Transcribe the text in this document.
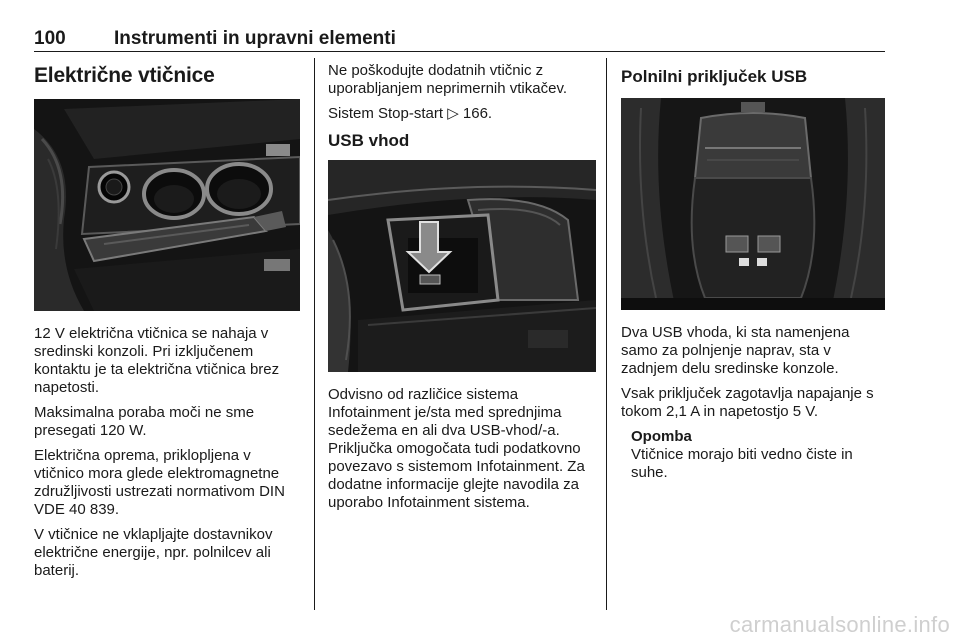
100	Instrumenti in upravni elementi
Električne vtičnice

12 V električna vtičnica se nahaja v sredinski konzoli. Pri izključenem kontaktu je ta električna vtičnica brez napetosti.

Maksimalna poraba moči ne sme presegati 120 W.

Električna oprema, priklopljena v vtičnico mora glede elektromagnetne združljivosti ustrezati normativom DIN VDE 40 839.

V vtičnice ne vklapljajte dostavnikov električne energije, npr. polnilcev ali baterij.

Ne poškodujte dodatnih vtičnic z uporabljanjem neprimernih vtikačev.

Sistem Stop-start ▷ 166.

USB vhod

Odvisno od različice sistema Infotainment je/sta med sprednjima sedežema en ali dva USB-vhod/-a. Priključka omogočata tudi podatkovno povezavo s sistemom Infotainment. Za dodatne informacije glejte navodila za uporabo Infotainment sistema.

Polnilni priključek USB

Dva USB vhoda, ki sta namenjena samo za polnjenje naprav, sta v zadnjem delu sredinske konzole.

Vsak priključek zagotavlja napajanje s tokom 2,1 A in napetostjo 5 V.

Opomba

Vtičnice morajo biti vedno čiste in suhe.

carmanualsonline.info
